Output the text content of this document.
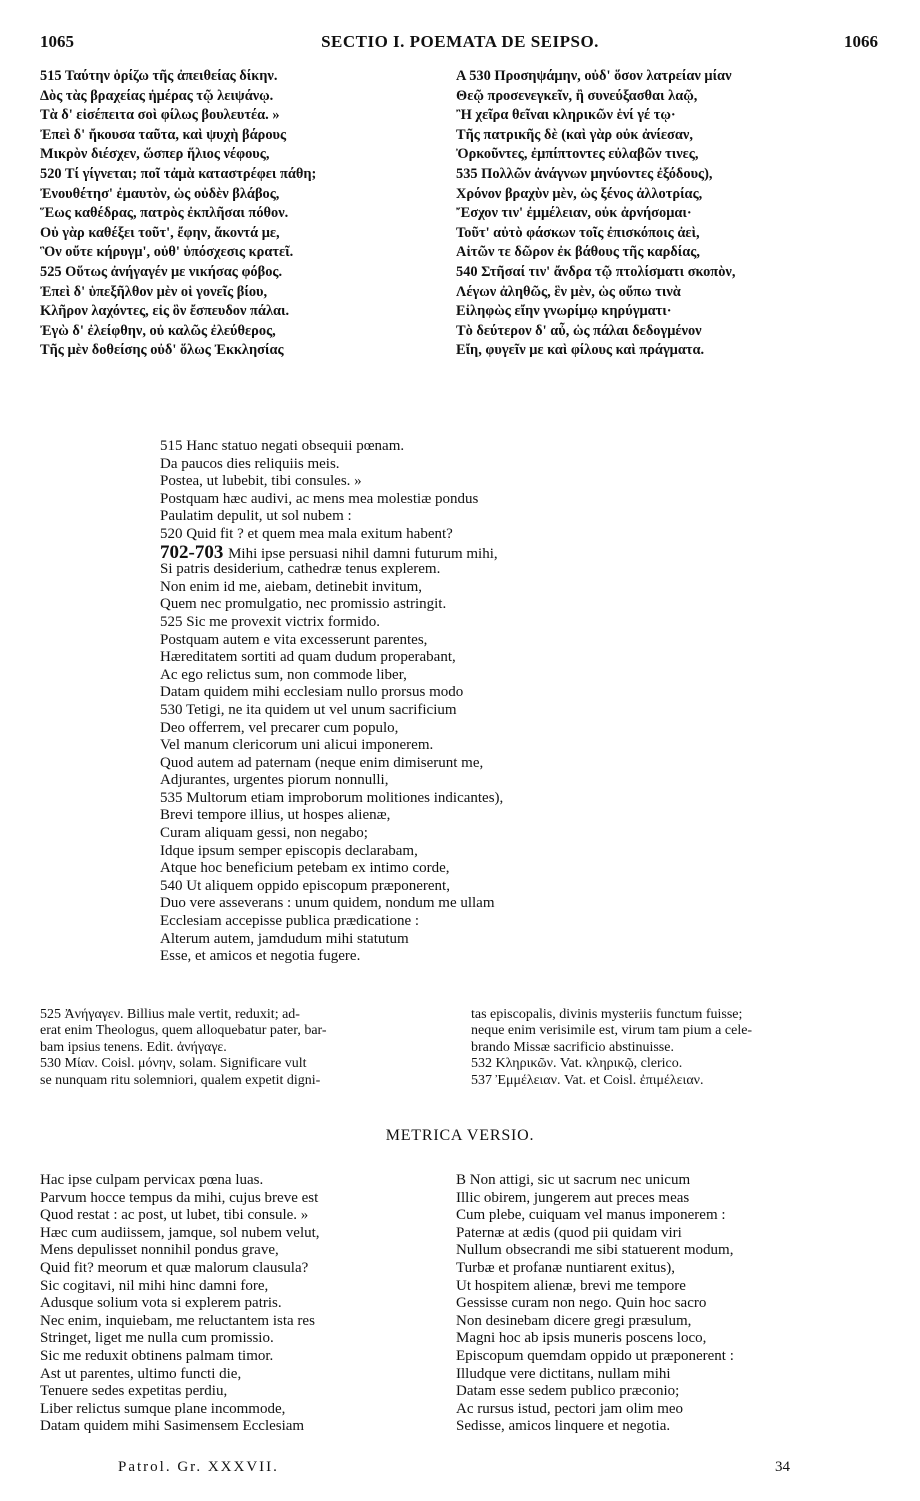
1065	SECTIO I. POEMATA DE SEIPSO.	1066
515 Ταύτην ὁρίζω τῆς ἀπειθείας δίκην.
Δὸς τὰς βραχείας ἡμέρας τῷ λειψάνῳ.
Τὰ δ' εἰσέπειτα σοὶ φίλως βουλευτέα. »
Ἐπεὶ δ' ἤκουσα ταῦτα, καὶ ψυχὴ βάρους
Μικρὸν διέσχεν, ὥσπερ ἥλιος νέφους,
520 Τί γίγνεται; ποῖ τἀμὰ καταστρέφει πάθη;
Ἐνουθέτησ' ἐμαυτὸν, ὡς οὐδὲν βλάβος,
Ἕως καθέδρας, πατρὸς ἐκπλῆσαι πόθον.
Οὐ γὰρ καθέξει τοῦτ', ἔφην, ἄκοντά με,
Ὃν οὔτε κήρυγμ', οὐθ' ὑπόσχεσις κρατεῖ.
525 Οὕτως ἀνήγαγέν με νικήσας φόβος.
Ἐπεὶ δ' ὑπεξῆλθον μὲν οἱ γονεῖς βίου,
Κλῆρον λαχόντες, εἰς ὃν ἔσπευδον πάλαι.
Ἐγὼ δ' ἐλείφθην, οὐ καλῶς ἐλεύθερος,
Τῆς μὲν δοθείσης οὐδ' ὅλως Ἐκκλησίας
A 530 Προσηψάμην, οὐδ' ὅσον λατρείαν μίαν
Θεῷ προσενεγκεῖν, ἢ συνεύξασθαι λαῷ,
Ἢ χεῖρα θεῖναι κληρικῶν ἑνί γέ τῳ·
Τῆς πατρικῆς δὲ (καὶ γὰρ οὐκ ἀνίεσαν,
Ὀρκοῦντες, ἐμπίπτοντες εὐλαβῶν τινες,
535 Πολλῶν ἀνάγνων μηνύοντες ἐξόδους),
Χρόνον βραχὺν μὲν, ὡς ξένος ἀλλοτρίας,
Ἔσχον τιν' ἐμμέλειαν, οὐκ ἀρνήσομαι·
Τοῦτ' αὐτὸ φάσκων τοῖς ἐπισκόποις ἀεὶ,
Αἰτῶν τε δῶρον ἐκ βάθους τῆς καρδίας,
540 Στῆσαί τιν' ἄνδρα τῷ πτολίσματι σκοπὸν,
Λέγων ἀληθῶς, ἓν μὲν, ὡς οὔπω τινὰ
Εἰληφὼς εἴην γνωρίμῳ κηρύγματι·
Τὸ δεύτερον δ' αὖ, ὡς πάλαι δεδογμένον
Εἴη, φυγεῖν με καὶ φίλους καὶ πράγματα.
515 Hanc statuo negati obsequii pœnam.
Da paucos dies reliquiis meis.
Postea, ut lubebit, tibi consules. »
Postquam hæc audivi, ac mens mea molestiæ pondus
Paulatim depulit, ut sol nubem :
520 Quid fit ? et quem mea mala exitum habent?
702-703 Mihi ipse persuasi nihil damni futurum mihi,
Si patris desiderium, cathedræ tenus explerem.
Non enim id me, aiebam, detinebit invitum,
Quem nec promulgatio, nec promissio astringit.
525 Sic me provexit victrix formido.
Postquam autem e vita excesserunt parentes,
Hæreditatem sortiti ad quam dudum properabant,
Ac ego relictus sum, non commode liber,
Datam quidem mihi ecclesiam nullo prorsus modo
530 Tetigi, ne ita quidem ut vel unum sacrificium
Deo offerrem, vel precarer cum populo,
Vel manum clericorum uni alicui imponerem.
Quod autem ad paternam (neque enim dimiserunt me,
Adjurantes, urgentes piorum nonnulli,
535 Multorum etiam improborum molitiones indicantes),
Brevi tempore illius, ut hospes alienæ,
Curam aliquam gessi, non negabo;
Idque ipsum semper episcopis declarabam,
Atque hoc beneficium petebam ex intimo corde,
540 Ut aliquem oppido episcopum præponerent,
Duo vere asseverans : unum quidem, nondum me ullam
Ecclesiam accepisse publica prædicatione :
Alterum autem, jamdudum mihi statutum
Esse, et amicos et negotia fugere.
525 Ἀνήγαγεν. Billius male vertit, reduxit; ad-
erat enim Theologus, quem alloquebatur pater, bar-
bam ipsius tenens. Edit. ἀνήγαγε.
530 Μίαν. Coisl. μόνην, solam. Significare vult
se nunquam ritu solemniori, qualem expetit digni-
tas episcopalis, divinis mysteriis functum fuisse;
neque enim verisimile est, virum tam pium a cele-
brando Missæ sacrificio abstinuisse.
532 Κληρικῶν. Vat. κληρικῷ, clerico.
537 Ἐμμέλειαν. Vat. et Coisl. ἐπιμέλειαν.
METRICA VERSIO.
Hac ipse culpam pervicax pœna luas.
Parvum hocce tempus da mihi, cujus breve est
Quod restat : ac post, ut lubet, tibi consule. »
Hæc cum audiissem, jamque, sol nubem velut,
Mens depulisset nonnihil pondus grave,
Quid fit? meorum et quæ malorum clausula?
Sic cogitavi, nil mihi hinc damni fore,
Adusque solium vota si explerem patris.
Nec enim, inquiebam, me reluctantem ista res
Stringet, liget me nulla cum promissio.
Sic me reduxit obtinens palmam timor.
Ast ut parentes, ultimo functi die,
Tenuere sedes expetitas perdiu,
Liber relictus sumque plane incommode,
Datam quidem mihi Sasimensem Ecclesiam
B Non attigi, sic ut sacrum nec unicum
Illic obirem, jungerem aut preces meas
Cum plebe, cuiquam vel manus imponerem :
Paternæ at ædis (quod pii quidam viri
Nullum obsecrandi me sibi statuerent modum,
Turbæ et profanæ nuntiarent exitus),
Ut hospitem alienæ, brevi me tempore
Gessisse curam non nego. Quin hoc sacro
Non desinebam dicere gregi præsulum,
Magni hoc ab ipsis muneris poscens loco,
Episcopum quemdam oppido ut præponerent :
Illudque vere dictitans, nullam mihi
Datam esse sedem publico præconio;
Ac rursus istud, pectori jam olim meo
Sedisse, amicos linquere et negotia.
Patrol. Gr. XXXVII.	34
